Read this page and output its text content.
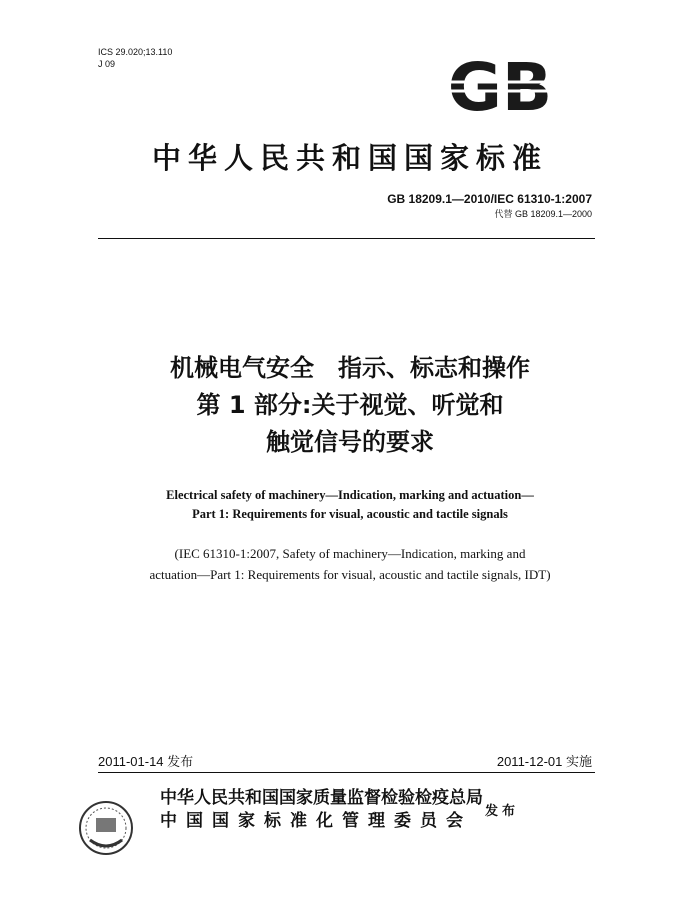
ICS 29.020;13.110
J 09	GB
中华人民共和国国家标准
GB 18209.1—2010/IEC 61310-1:2007
代替 GB 18209.1—2000
机械电气安全　指示、标志和操作
第 1 部分:关于视觉、听觉和
触觉信号的要求
Electrical safety of machinery—Indication, marking and actuation—
Part 1: Requirements for visual, acoustic and tactile signals
(IEC 61310-1:2007, Safety of machinery—Indication, marking and
actuation—Part 1: Requirements for visual, acoustic and tactile signals, IDT)
2011-01-14 发布	2011-12-01 实施
中华人民共和国国家质量监督检验检疫总局
中国国家标准化管理委员会	发布
